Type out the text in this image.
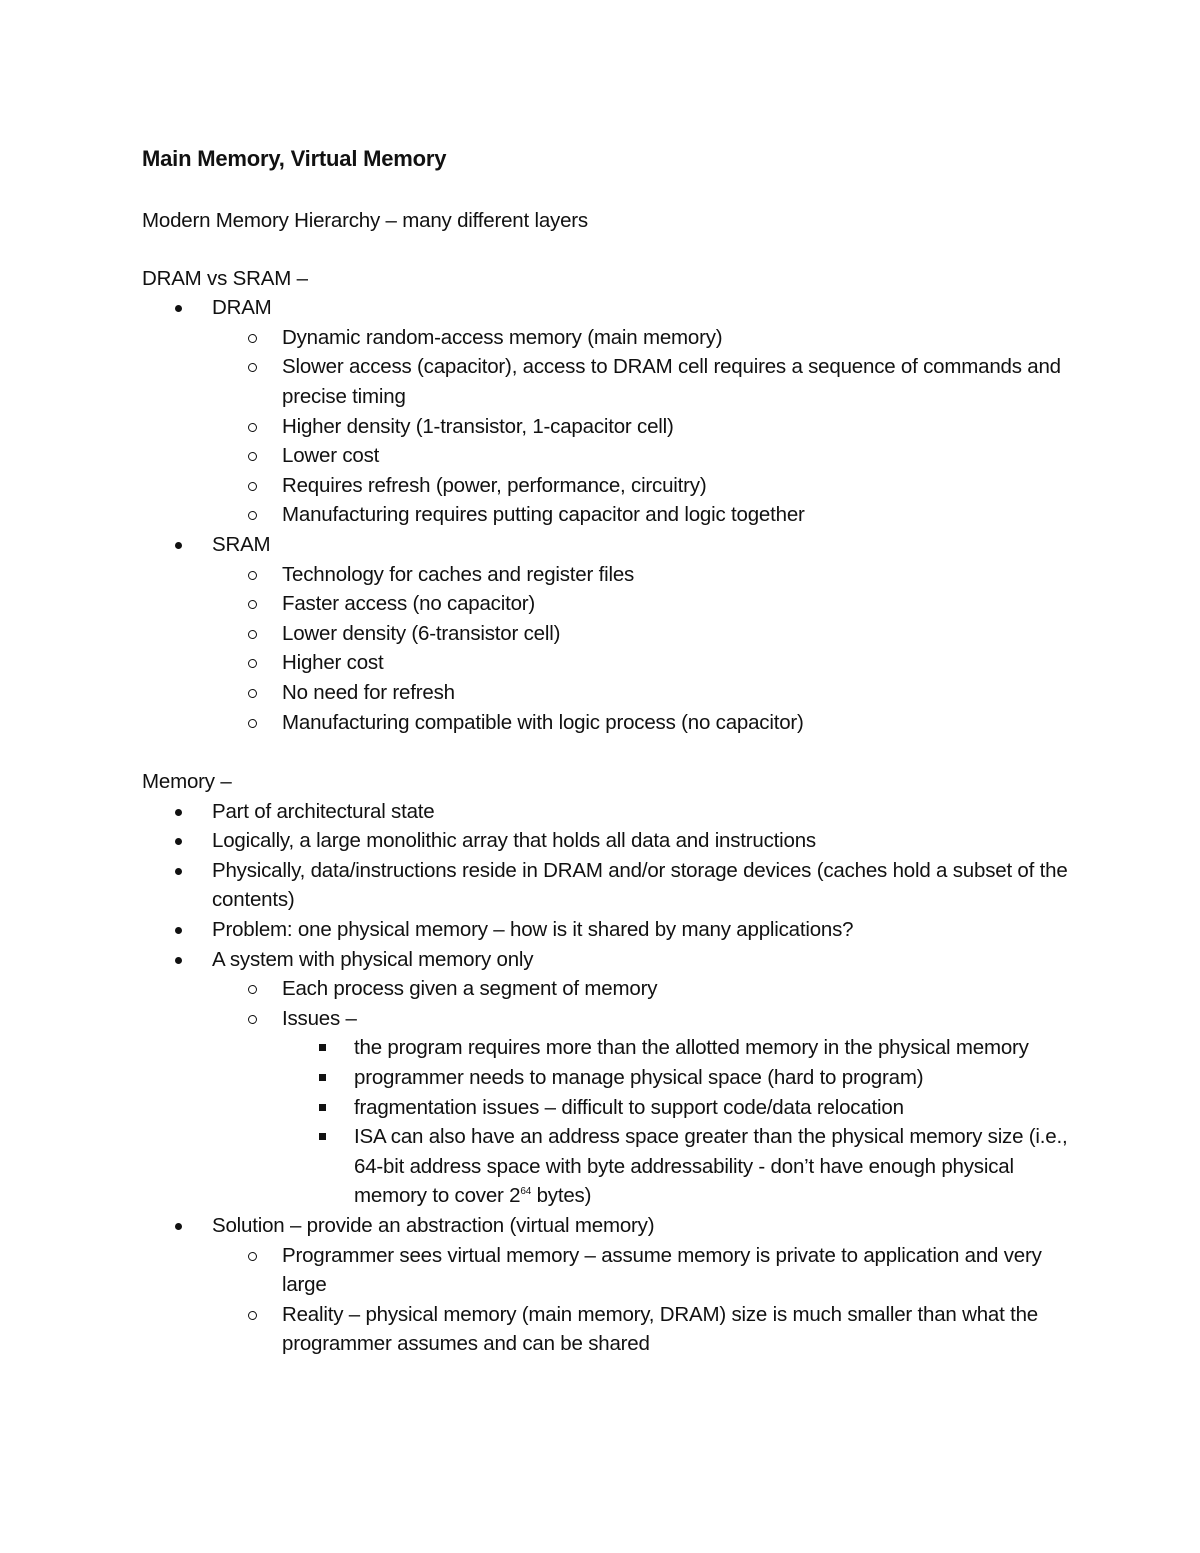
Main Memory, Virtual Memory

Modern Memory Hierarchy – many different layers

DRAM vs SRAM –

DRAM
Dynamic random-access memory (main memory)
Slower access (capacitor), access to DRAM cell requires a sequence of commands and precise timing
Higher density (1-transistor, 1-capacitor cell)
Lower cost
Requires refresh (power, performance, circuitry)
Manufacturing requires putting capacitor and logic together
SRAM
Technology for caches and register files
Faster access (no capacitor)
Lower density (6-transistor cell)
Higher cost
No need for refresh
Manufacturing compatible with logic process (no capacitor)

Memory –

Part of architectural state
Logically, a large monolithic array that holds all data and instructions
Physically, data/instructions reside in DRAM and/or storage devices (caches hold a subset of the contents)
Problem: one physical memory – how is it shared by many applications?
A system with physical memory only
Each process given a segment of memory
Issues –
the program requires more than the allotted memory in the physical memory
programmer needs to manage physical space (hard to program)
fragmentation issues – difficult to support code/data relocation
ISA can also have an address space greater than the physical memory size (i.e., 64-bit address space with byte addressability - don’t have enough physical memory to cover $2^{64}$ bytes)
Solution – provide an abstraction (virtual memory)
Programmer sees virtual memory – assume memory is private to application and very large
Reality – physical memory (main memory, DRAM) size is much smaller than what the programmer assumes and can be shared
